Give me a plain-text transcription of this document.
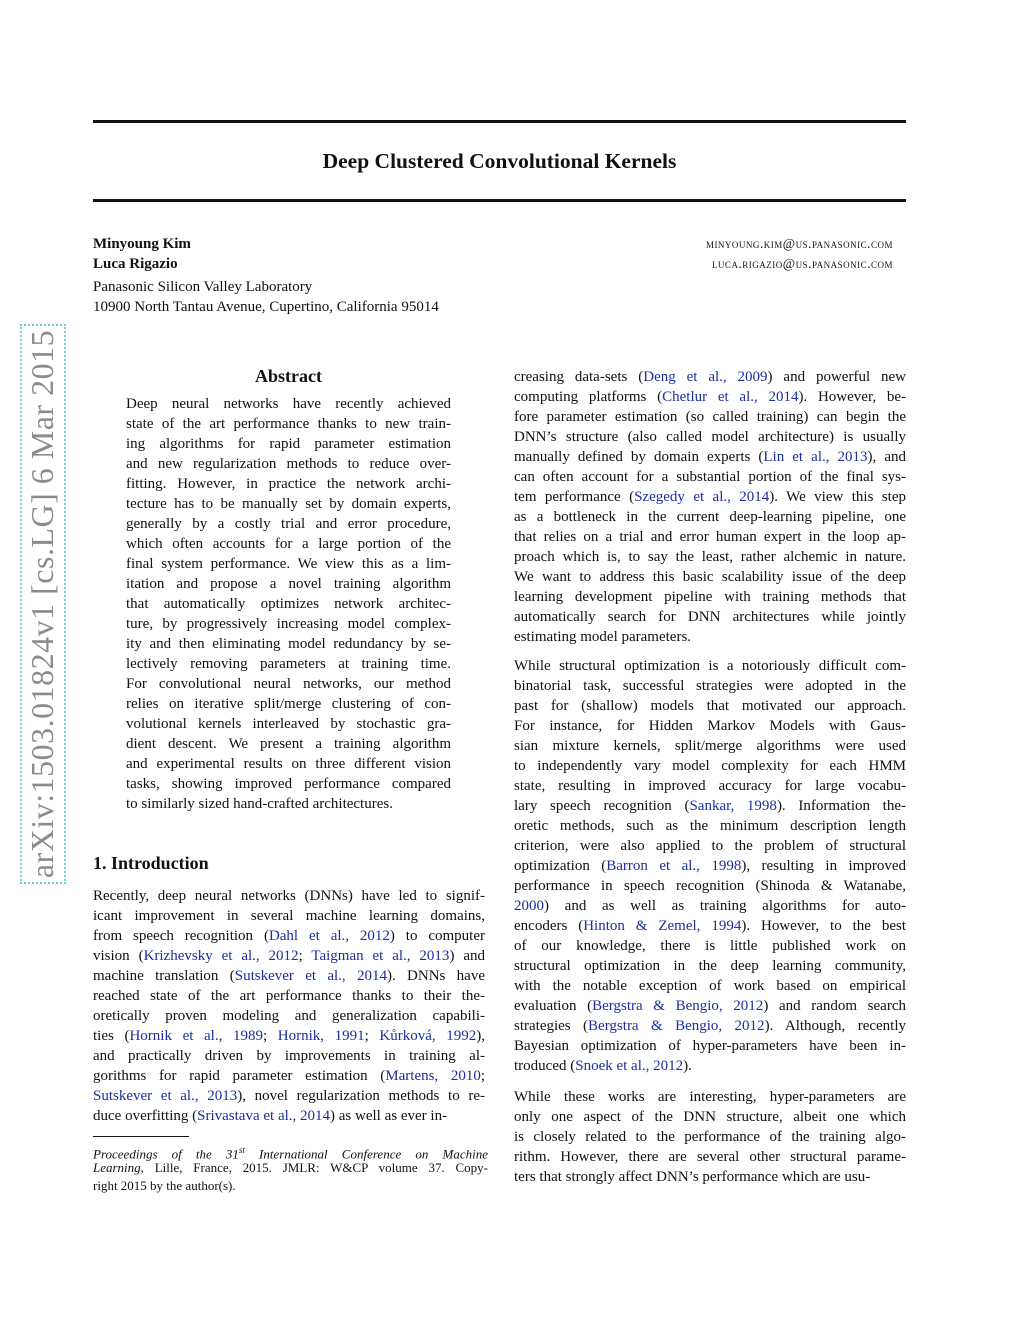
Deep Clustered Convolutional Kernels
Minyoung Kim	minyoung.kim@us.panasonic.com
Luca Rigazio	luca.rigazio@us.panasonic.com
Panasonic Silicon Valley Laboratory
10900 North Tantau Avenue, Cupertino, California 95014
arXiv:1503.01824v1 [cs.LG] 6 Mar 2015	Abstract
Deep neural networks have recently achieved
state of the art performance thanks to new train-
ing algorithms for rapid parameter estimation
and new regularization methods to reduce over-
fitting. However, in practice the network archi-
tecture has to be manually set by domain experts,
generally by a costly trial and error procedure,
which often accounts for a large portion of the
final system performance. We view this as a lim-
itation and propose a novel training algorithm
that automatically optimizes network architec-
ture, by progressively increasing model complex-
ity and then eliminating model redundancy by se-
lectively removing parameters at training time.
For convolutional neural networks, our method
relies on iterative split/merge clustering of con-
volutional kernels interleaved by stochastic gra-
dient descent. We present a training algorithm
and experimental results on three different vision
tasks, showing improved performance compared
to similarly sized hand-crafted architectures.
1. Introduction
Recently, deep neural networks (DNNs) have led to signif-
icant improvement in several machine learning domains,
from speech recognition (Dahl et al., 2012) to computer
vision (Krizhevsky et al., 2012; Taigman et al., 2013) and
machine translation (Sutskever et al., 2014). DNNs have
reached state of the art performance thanks to their the-
oretically proven modeling and generalization capabili-
ties (Hornik et al., 1989; Hornik, 1991; Kůrková, 1992),
and practically driven by improvements in training al-
gorithms for rapid parameter estimation (Martens, 2010;
Sutskever et al., 2013), novel regularization methods to re-
duce overfitting (Srivastava et al., 2014) as well as ever in-
Proceedings of the 31st International Conference on Machine
Learning, Lille, France, 2015. JMLR: W&CP volume 37. Copy-
right 2015 by the author(s).
creasing data-sets (Deng et al., 2009) and powerful new
computing platforms (Chetlur et al., 2014). However, be-
fore parameter estimation (so called training) can begin the
DNN’s structure (also called model architecture) is usually
manually defined by domain experts (Lin et al., 2013), and
can often account for a substantial portion of the final sys-
tem performance (Szegedy et al., 2014). We view this step
as a bottleneck in the current deep-learning pipeline, one
that relies on a trial and error human expert in the loop ap-
proach which is, to say the least, rather alchemic in nature.
We want to address this basic scalability issue of the deep
learning development pipeline with training methods that
automatically search for DNN architectures while jointly
estimating model parameters.
While structural optimization is a notoriously difficult com-
binatorial task, successful strategies were adopted in the
past for (shallow) models that motivated our approach.
For instance, for Hidden Markov Models with Gaus-
sian mixture kernels, split/merge algorithms were used
to independently vary model complexity for each HMM
state, resulting in improved accuracy for large vocabu-
lary speech recognition (Sankar, 1998). Information the-
oretic methods, such as the minimum description length
criterion, were also applied to the problem of structural
optimization (Barron et al., 1998), resulting in improved
performance in speech recognition (Shinoda & Watanabe,
2000) and as well as training algorithms for auto-
encoders (Hinton & Zemel, 1994). However, to the best
of our knowledge, there is little published work on
structural optimization in the deep learning community,
with the notable exception of work based on empirical
evaluation (Bergstra & Bengio, 2012) and random search
strategies (Bergstra & Bengio, 2012). Although, recently
Bayesian optimization of hyper-parameters have been in-
troduced (Snoek et al., 2012).
While these works are interesting, hyper-parameters are
only one aspect of the DNN structure, albeit one which
is closely related to the performance of the training algo-
rithm. However, there are several other structural parame-
ters that strongly affect DNN’s performance which are usu-
